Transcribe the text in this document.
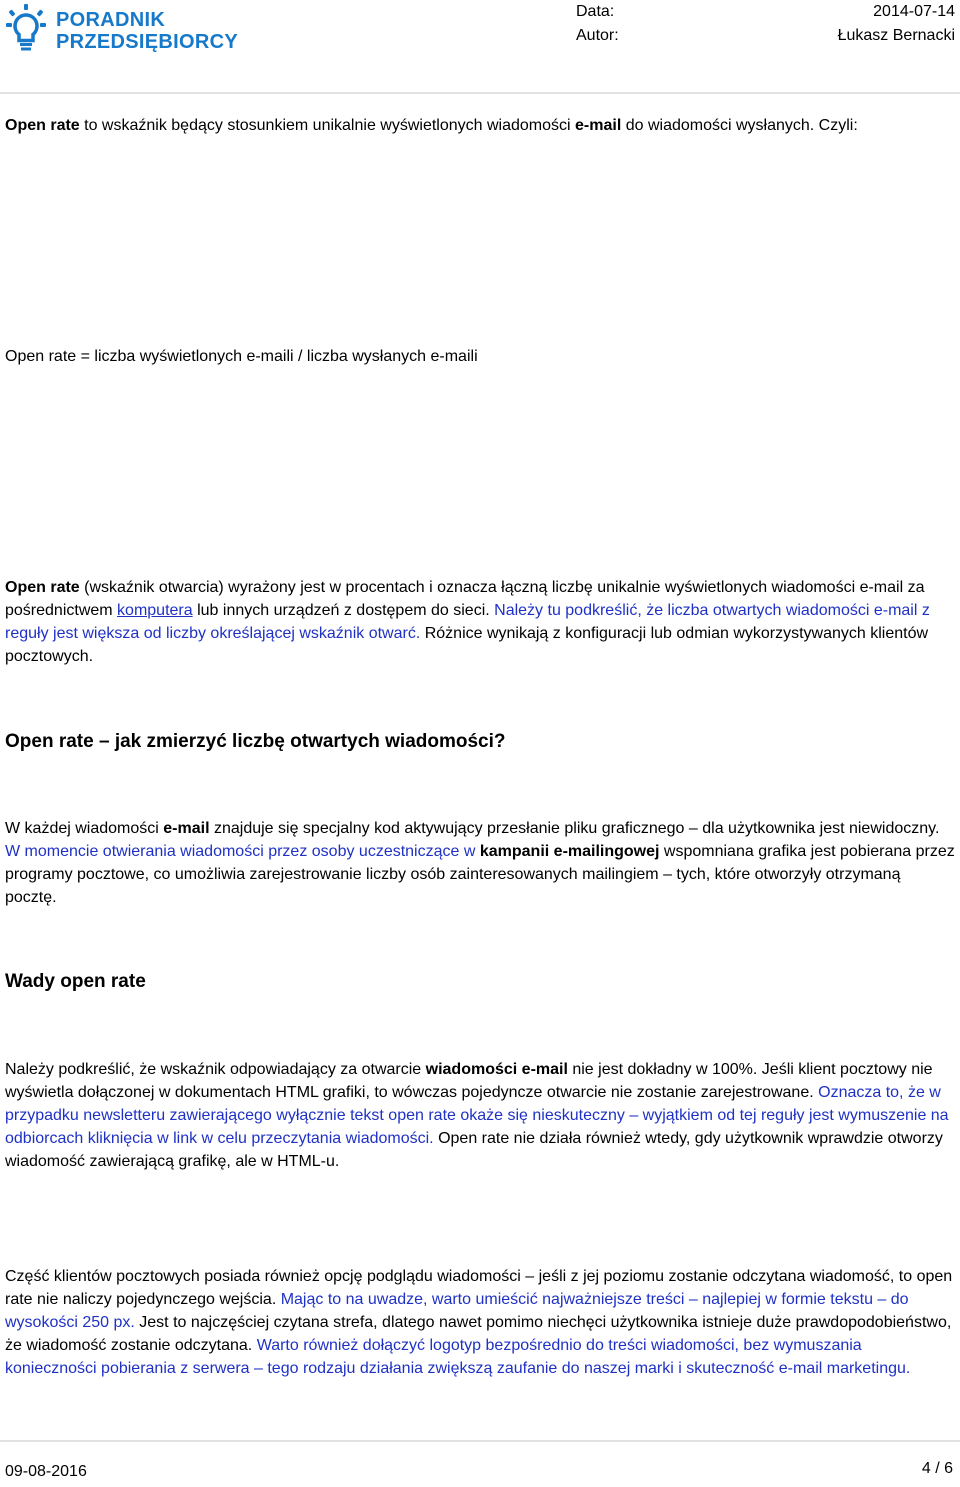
PORADNIK
PRZEDSIĘBIORCY
Data:	2014-07-14
Autor:	Łukasz Bernacki

Open rate to wskaźnik będący stosunkiem unikalnie wyświetlonych wiadomości e-mail do wiadomości wysłanych. Czyli:

Open rate = liczba wyświetlonych e-maili / liczba wysłanych e-maili

Open rate (wskaźnik otwarcia) wyrażony jest w procentach i oznacza łączną liczbę unikalnie wyświetlonych wiadomości e-mail za pośrednictwem komputera lub innych urządzeń z dostępem do sieci. Należy tu podkreślić, że liczba otwartych wiadomości e-mail z reguły jest większa od liczby określającej wskaźnik otwarć. Różnice wynikają z konfiguracji lub odmian wykorzystywanych klientów pocztowych.

Open rate – jak zmierzyć liczbę otwartych wiadomości?

W każdej wiadomości e-mail znajduje się specjalny kod aktywujący przesłanie pliku graficznego – dla użytkownika jest niewidoczny. W momencie otwierania wiadomości przez osoby uczestniczące w kampanii e-mailingowej wspomniana grafika jest pobierana przez programy pocztowe, co umożliwia zarejestrowanie liczby osób zainteresowanych mailingiem – tych, które otworzyły otrzymaną pocztę.

Wady open rate

Należy podkreślić, że wskaźnik odpowiadający za otwarcie wiadomości e-mail nie jest dokładny w 100%. Jeśli klient pocztowy nie wyświetla dołączonej w dokumentach HTML grafiki, to wówczas pojedyncze otwarcie nie zostanie zarejestrowane. Oznacza to, że w przypadku newsletteru zawierającego wyłącznie tekst open rate okaże się nieskuteczny – wyjątkiem od tej reguły jest wymuszenie na odbiorcach kliknięcia w link w celu przeczytania wiadomości. Open rate nie działa również wtedy, gdy użytkownik wprawdzie otworzy wiadomość zawierającą grafikę, ale w HTML-u.

Część klientów pocztowych posiada również opcję podglądu wiadomości – jeśli z jej poziomu zostanie odczytana wiadomość, to open rate nie naliczy pojedynczego wejścia. Mając to na uwadze, warto umieścić najważniejsze treści – najlepiej w formie tekstu – do wysokości 250 px. Jest to najczęściej czytana strefa, dlatego nawet pomimo niechęci użytkownika istnieje duże prawdopodobieństwo, że wiadomość zostanie odczytana. Warto również dołączyć logotyp bezpośrednio do treści wiadomości, bez wymuszania konieczności pobierania z serwera – tego rodzaju działania zwiększą zaufanie do naszej marki i skuteczność e-mail marketingu.

09-08-2016	4 / 6
